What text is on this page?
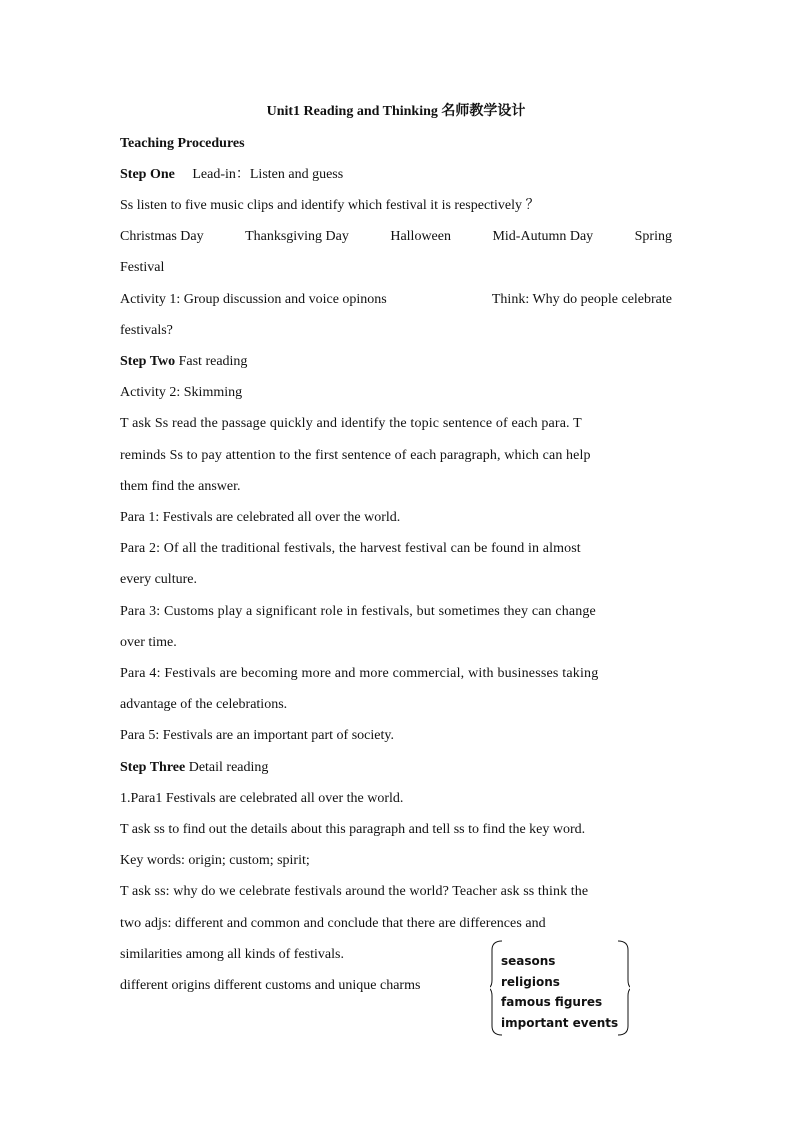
Unit1 Reading and Thinking 名师教学设计
Teaching Procedures
Step One Lead-in：Listen and guess
Ss listen to five music clips and identify which festival it is respectively ？
Christmas Day	Thanksgiving Day	Halloween	Mid-Autumn Day	Spring
Festival
Activity 1: Group discussion and voice opinons	Think: Why do people celebrate
festivals?
Step Two Fast reading
Activity 2: Skimming
T ask Ss read the passage quickly and identify the topic sentence of each para. T
reminds Ss to pay attention to the first sentence of each paragraph, which can help
them find the answer.
Para 1: Festivals are celebrated all over the world.
Para 2: Of all the traditional festivals, the harvest festival can be found in almost
every culture.
Para 3: Customs play a significant role in festivals, but sometimes they can change
over time.
Para 4: Festivals are becoming more and more commercial, with businesses taking
advantage of the celebrations.
Para 5: Festivals are an important part of society.
Step Three Detail reading
1.Para1 Festivals are celebrated all over the world.
T ask ss to find out the details about this paragraph and tell ss to find the key word.
Key words: origin; custom; spirit;
T ask ss: why do we celebrate festivals around the world? Teacher ask ss think the
two adjs: different and common and conclude that there are differences and
similarities among all kinds of festivals.
different origins different customs and unique charms
seasons
religions
famous figures
important events
